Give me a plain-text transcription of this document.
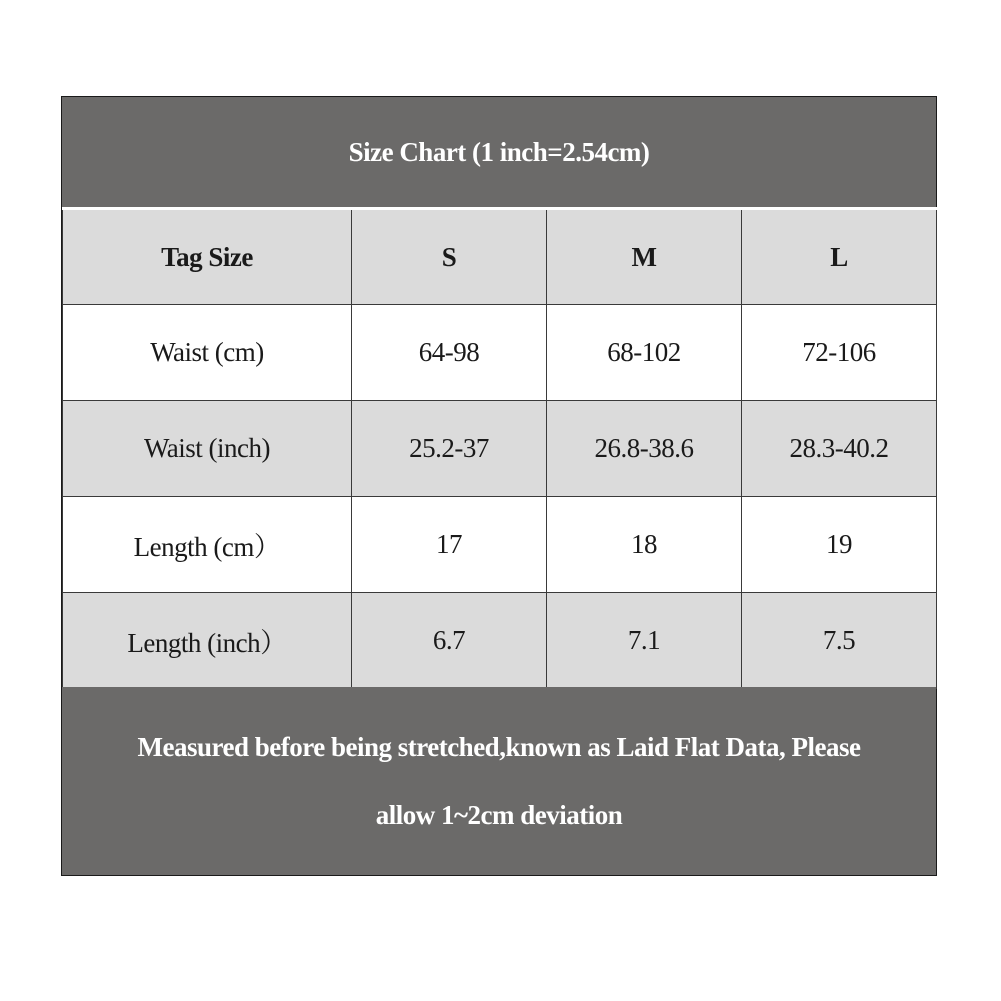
Size Chart (1 inch=2.54cm)
Tag Size	S	M	L
Waist (cm)	64-98	68-102	72-106
Waist (inch)	25.2-37	26.8-38.6	28.3-40.2
Length (cm）	17	18	19
Length (inch）	6.7	7.1	7.5
Measured before being stretched,known as Laid Flat Data, Please
allow 1~2cm deviation
